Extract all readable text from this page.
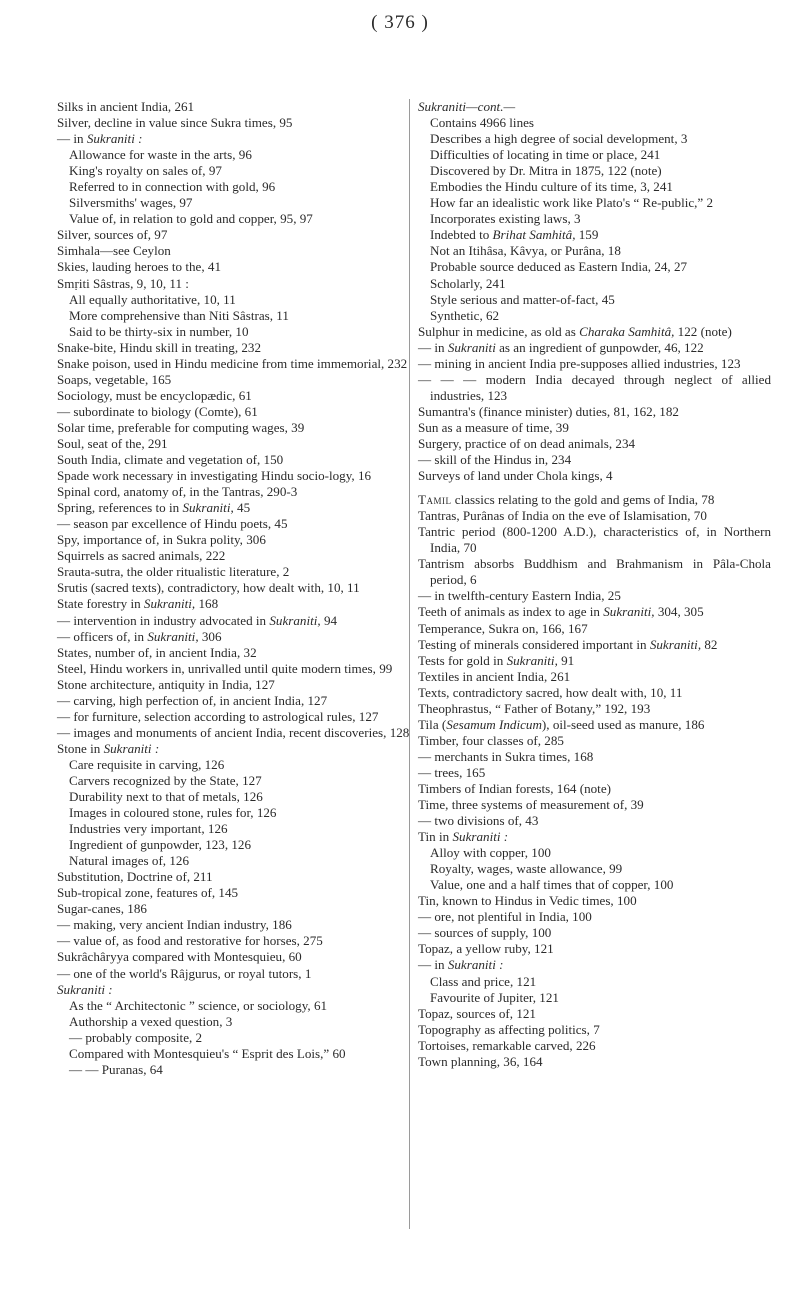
( 376 )

Silks in ancient India, 261

Silver, decline in value since Sukra times, 95

— in Sukraniti :

Allowance for waste in the arts, 96

King's royalty on sales of, 97

Referred to in connection with gold, 96

Silversmiths' wages, 97

Value of, in relation to gold and copper, 95, 97

Silver, sources of, 97

Simhala—see Ceylon

Skies, lauding heroes to the, 41

Smṛiti Sâstras, 9, 10, 11 :

All equally authoritative, 10, 11

More comprehensive than Niti Sâstras, 11

Said to be thirty-six in number, 10

Snake-bite, Hindu skill in treating, 232

Snake poison, used in Hindu medicine from time immemorial, 232

Soaps, vegetable, 165

Sociology, must be encyclopædic, 61

— subordinate to biology (Comte), 61

Solar time, preferable for computing wages, 39

Soul, seat of the, 291

South India, climate and vegetation of, 150

Spade work necessary in investigating Hindu socio-logy, 16

Spinal cord, anatomy of, in the Tantras, 290-3

Spring, references to in Sukraniti, 45

— season par excellence of Hindu poets, 45

Spy, importance of, in Sukra polity, 306

Squirrels as sacred animals, 222

Srauta-sutra, the older ritualistic literature, 2

Srutis (sacred texts), contradictory, how dealt with, 10, 11

State forestry in Sukraniti, 168

— intervention in industry advocated in Sukraniti, 94

— officers of, in Sukraniti, 306

States, number of, in ancient India, 32

Steel, Hindu workers in, unrivalled until quite modern times, 99

Stone architecture, antiquity in India, 127

— carving, high perfection of, in ancient India, 127

— for furniture, selection according to astrological rules, 127

— images and monuments of ancient India, recent discoveries, 128

Stone in Sukraniti :

Care requisite in carving, 126

Carvers recognized by the State, 127

Durability next to that of metals, 126

Images in coloured stone, rules for, 126

Industries very important, 126

Ingredient of gunpowder, 123, 126

Natural images of, 126

Substitution, Doctrine of, 211

Sub-tropical zone, features of, 145

Sugar-canes, 186

— making, very ancient Indian industry, 186

— value of, as food and restorative for horses, 275

Sukrâchâryya compared with Montesquieu, 60

— one of the world's Râjgurus, or royal tutors, 1

Sukraniti :

As the “ Architectonic ” science, or sociology, 61

Authorship a vexed question, 3

— probably composite, 2

Compared with Montesquieu's “ Esprit des Lois,” 60

— — Puranas, 64

Sukraniti—cont.—

Contains 4966 lines

Describes a high degree of social development, 3

Difficulties of locating in time or place, 241

Discovered by Dr. Mitra in 1875, 122 (note)

Embodies the Hindu culture of its time, 3, 241

How far an idealistic work like Plato's “ Re-public,” 2

Incorporates existing laws, 3

Indebted to Brihat Samhitâ, 159

Not an Itihâsa, Kâvya, or Purâna, 18

Probable source deduced as Eastern India, 24, 27

Scholarly, 241

Style serious and matter-of-fact, 45

Synthetic, 62

Sulphur in medicine, as old as Charaka Samhitâ, 122 (note)

— in Sukraniti as an ingredient of gunpowder, 46, 122

— mining in ancient India pre-supposes allied industries, 123

— — — modern India decayed through neglect of allied industries, 123

Sumantra's (finance minister) duties, 81, 162, 182

Sun as a measure of time, 39

Surgery, practice of on dead animals, 234

— skill of the Hindus in, 234

Surveys of land under Chola kings, 4

Tamil classics relating to the gold and gems of India, 78

Tantras, Purânas of India on the eve of Islamisation, 70

Tantric period (800-1200 A.D.), characteristics of, in Northern India, 70

Tantrism absorbs Buddhism and Brahmanism in Pâla-Chola period, 6

— in twelfth-century Eastern India, 25

Teeth of animals as index to age in Sukraniti, 304, 305

Temperance, Sukra on, 166, 167

Testing of minerals considered important in Sukraniti, 82

Tests for gold in Sukraniti, 91

Textiles in ancient India, 261

Texts, contradictory sacred, how dealt with, 10, 11

Theophrastus, “ Father of Botany,” 192, 193

Tila (Sesamum Indicum), oil-seed used as manure, 186

Timber, four classes of, 285

— merchants in Sukra times, 168

— trees, 165

Timbers of Indian forests, 164 (note)

Time, three systems of measurement of, 39

— two divisions of, 43

Tin in Sukraniti :

Alloy with copper, 100

Royalty, wages, waste allowance, 99

Value, one and a half times that of copper, 100

Tin, known to Hindus in Vedic times, 100

— ore, not plentiful in India, 100

— sources of supply, 100

Topaz, a yellow ruby, 121

— in Sukraniti :

Class and price, 121

Favourite of Jupiter, 121

Topaz, sources of, 121

Topography as affecting politics, 7

Tortoises, remarkable carved, 226

Town planning, 36, 164
